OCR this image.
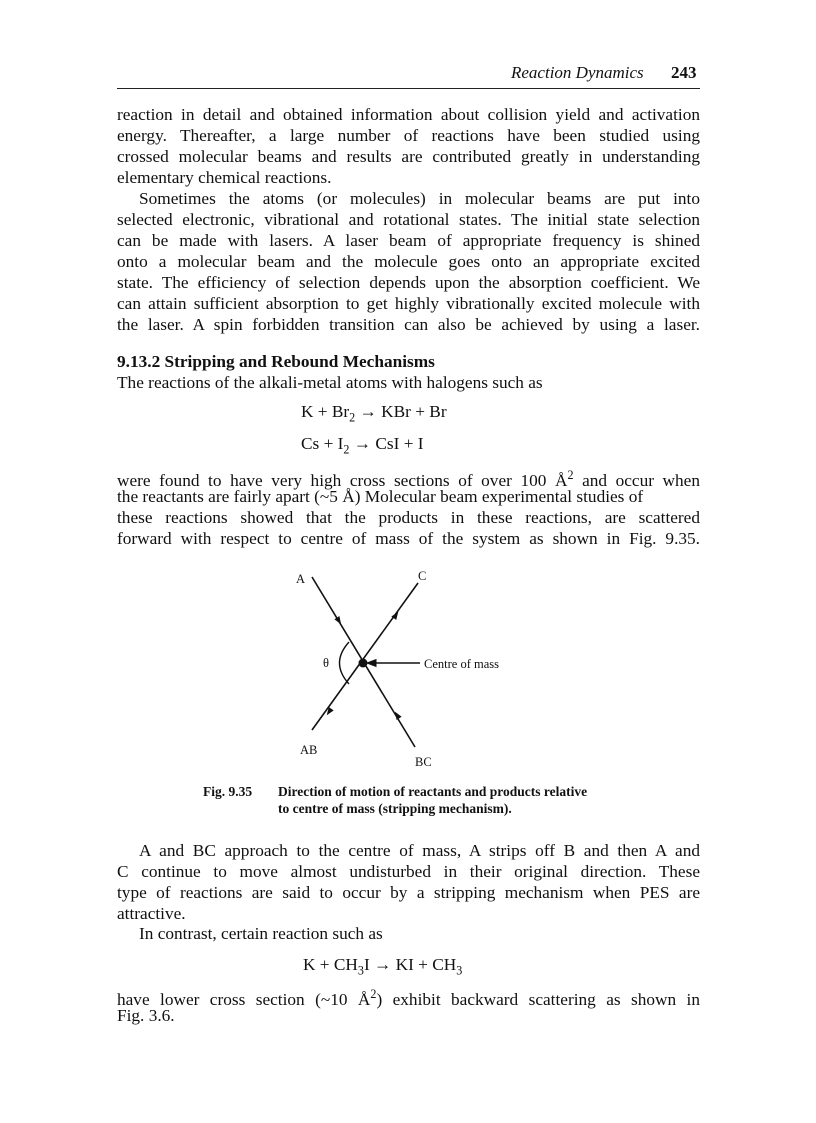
Reaction Dynamics 243
reaction in detail and obtained information about collision yield and activation
energy. Thereafter, a large number of reactions have been studied using
crossed molecular beams and results are contributed greatly in understanding
elementary chemical reactions.
Sometimes the atoms (or molecules) in molecular beams are put into
selected electronic, vibrational and rotational states. The initial state selection
can be made with lasers. A laser beam of appropriate frequency is shined
onto a molecular beam and the molecule goes onto an appropriate excited
state. The efficiency of selection depends upon the absorption coefficient. We
can attain sufficient absorption to get highly vibrationally excited molecule with
the laser. A spin forbidden transition can also be achieved by using a laser.
9.13.2 Stripping and Rebound Mechanisms
The reactions of the alkali-metal atoms with halogens such as
$K + Br_2$ → KBr + Br
$Cs + I_2$ → CsI + I
were found to have very high cross sections of over 100 $Å^2$ and occur when
the reactants are fairly apart (~5 Å) Molecular beam experimental studies of
these reactions showed that the products in these reactions, are scattered
forward with respect to centre of mass of the system as shown in Fig. 9.35.
A	C
AB
BC
θ	Centre of mass
Fig. 9.35 Direction of motion of reactants and products relative
to centre of mass (stripping mechanism).
A and BC approach to the centre of mass, A strips off B and then A and
C continue to move almost undisturbed in their original direction. These
type of reactions are said to occur by a stripping mechanism when PES are
attractive.
In contrast, certain reaction such as
$K + CH_3I$ → KI + $CH_3$
have lower cross section (~10 $Å^2$) exhibit backward scattering as shown in
Fig. 3.6.
